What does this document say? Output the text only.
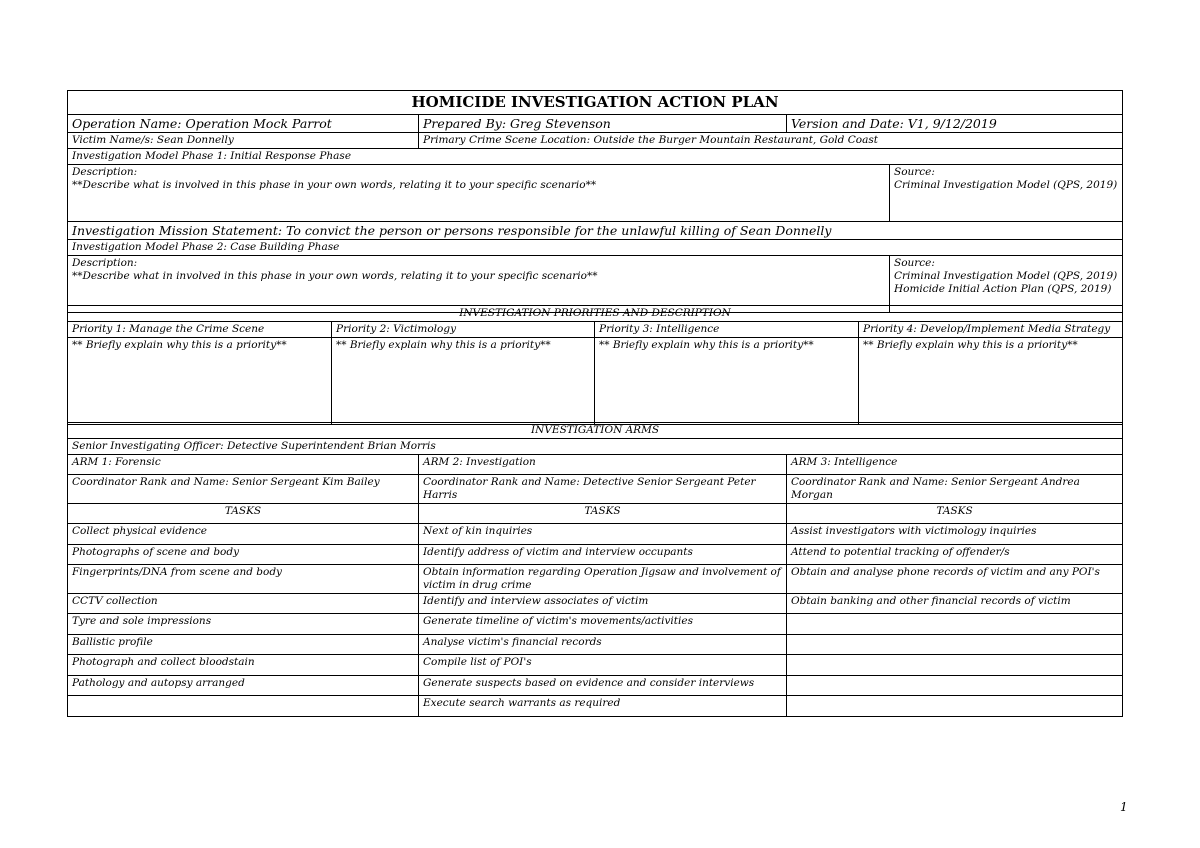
HOMICIDE INVESTIGATION ACTION PLAN			
Operation Name: Operation Mock Parrot	Prepared By: Greg Stevenson	Version and Date: V1, 9/12/2019	
Victim Name/s: Sean Donnelly	Primary Crime Scene Location: Outside the Burger Mountain Restaurant, Gold Coast		
Investigation Model Phase 1: Initial Response Phase			

Description:
**Describe what is involved in this phase in your own words, relating it to your specific scenario**			Source:
Criminal Investigation Model (QPS, 2019)

Investigation Mission Statement: To convict the person or persons responsible for the unlawful killing of Sean Donnelly			
Investigation Model Phase 2: Case Building Phase			

Description:
**Describe what in involved in this phase in your own words, relating it to your specific scenario**			Source:
Criminal Investigation Model (QPS, 2019)
Homicide Initial Action Plan (QPS, 2019)
INVESTIGATION PRIORITIES AND DESCRIPTION			
Priority 1: Manage the Crime Scene	Priority 2: Victimology	Priority 3: Intelligence	Priority 4: Develop/Implement Media Strategy
** Briefly explain why this is a priority**	** Briefly explain why this is a priority**	** Briefly explain why this is a priority**	** Briefly explain why this is a priority**
INVESTIGATION ARMS		
Senior Investigating Officer: Detective Superintendent Brian Morris		
ARM 1: Forensic	ARM 2: Investigation	ARM 3: Intelligence
Coordinator Rank and Name: Senior Sergeant Kim Bailey	Coordinator Rank and Name: Detective Senior Sergeant Peter Harris	Coordinator Rank and Name: Senior Sergeant Andrea Morgan
TASKS	TASKS	TASKS
Collect physical evidence	Next of kin inquiries	Assist investigators with victimology inquiries
Photographs of scene and body	Identify address of victim and interview occupants	Attend to potential tracking of offender/s
Fingerprints/DNA from scene and body	Obtain information regarding Operation Jigsaw and involvement of victim in drug crime	Obtain and analyse phone records of victim and any POI's
CCTV collection	Identify and interview associates of victim	Obtain banking and other financial records of victim
Tyre and sole impressions	Generate timeline of victim's movements/activities	
Ballistic profile	Analyse victim's financial records	
Photograph and collect bloodstain	Compile list of POI's	
Pathology and autopsy arranged	Generate suspects based on evidence and consider interviews	
	Execute search warrants as required	
1
